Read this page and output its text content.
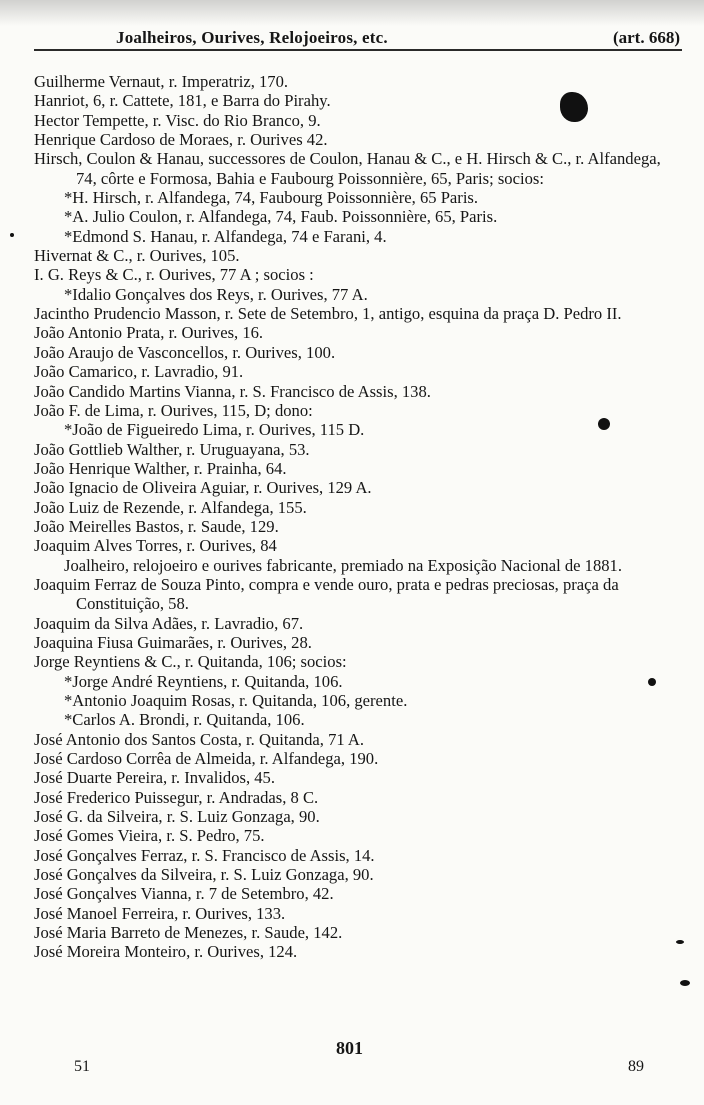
Joalheiros, Ourives, Relojoeiros, etc.	(art. 668)

Guilherme Vernaut, r. Imperatriz, 170.

Hanriot, 6, r. Cattete, 181, e Barra do Pirahy.

Hector Tempette, r. Visc. do Rio Branco, 9.

Henrique Cardoso de Moraes, r. Ourives 42.

Hirsch, Coulon & Hanau, successores de Coulon, Hanau & C., e H. Hirsch & C., r. Alfandega, 74, côrte e Formosa, Bahia e Faubourg Poissonnière, 65, Paris; socios:

*H. Hirsch, r. Alfandega, 74, Faubourg Poissonnière, 65 Paris.

*A. Julio Coulon, r. Alfandega, 74, Faub. Poissonnière, 65, Paris.

*Edmond S. Hanau, r. Alfandega, 74 e Farani, 4.

Hivernat & C., r. Ourives, 105.

I. G. Reys & C., r. Ourives, 77 A ; socios :

*Idalio Gonçalves dos Reys, r. Ourives, 77 A.

Jacintho Prudencio Masson, r. Sete de Setembro, 1, antigo, esquina da praça D. Pedro II.

João Antonio Prata, r. Ourives, 16.

João Araujo de Vasconcellos, r. Ourives, 100.

João Camarico, r. Lavradio, 91.

João Candido Martins Vianna, r. S. Francisco de Assis, 138.

João F. de Lima, r. Ourives, 115, D; dono:

*João de Figueiredo Lima, r. Ourives, 115 D.

João Gottlieb Walther, r. Uruguayana, 53.

João Henrique Walther, r. Prainha, 64.

João Ignacio de Oliveira Aguiar, r. Ourives, 129 A.

João Luiz de Rezende, r. Alfandega, 155.

João Meirelles Bastos, r. Saude, 129.

Joaquim Alves Torres, r. Ourives, 84

Joalheiro, relojoeiro e ourives fabricante, premiado na Exposição Nacional de 1881.

Joaquim Ferraz de Souza Pinto, compra e vende ouro, prata e pedras preciosas, praça da Constituição, 58.

Joaquim da Silva Adães, r. Lavradio, 67.

Joaquina Fiusa Guimarães, r. Ourives, 28.

Jorge Reyntiens & C., r. Quitanda, 106; socios:

*Jorge André Reyntiens, r. Quitanda, 106.

*Antonio Joaquim Rosas, r. Quitanda, 106, gerente.

*Carlos A. Brondi, r. Quitanda, 106.

José Antonio dos Santos Costa, r. Quitanda, 71 A.

José Cardoso Corrêa de Almeida, r. Alfandega, 190.

José Duarte Pereira, r. Invalidos, 45.

José Frederico Puissegur, r. Andradas, 8 C.

José G. da Silveira, r. S. Luiz Gonzaga, 90.

José Gomes Vieira, r. S. Pedro, 75.

José Gonçalves Ferraz, r. S. Francisco de Assis, 14.

José Gonçalves da Silveira, r. S. Luiz Gonzaga, 90.

José Gonçalves Vianna, r. 7 de Setembro, 42.

José Manoel Ferreira, r. Ourives, 133.

José Maria Barreto de Menezes, r. Saude, 142.

José Moreira Monteiro, r. Ourives, 124.

801
51	89
